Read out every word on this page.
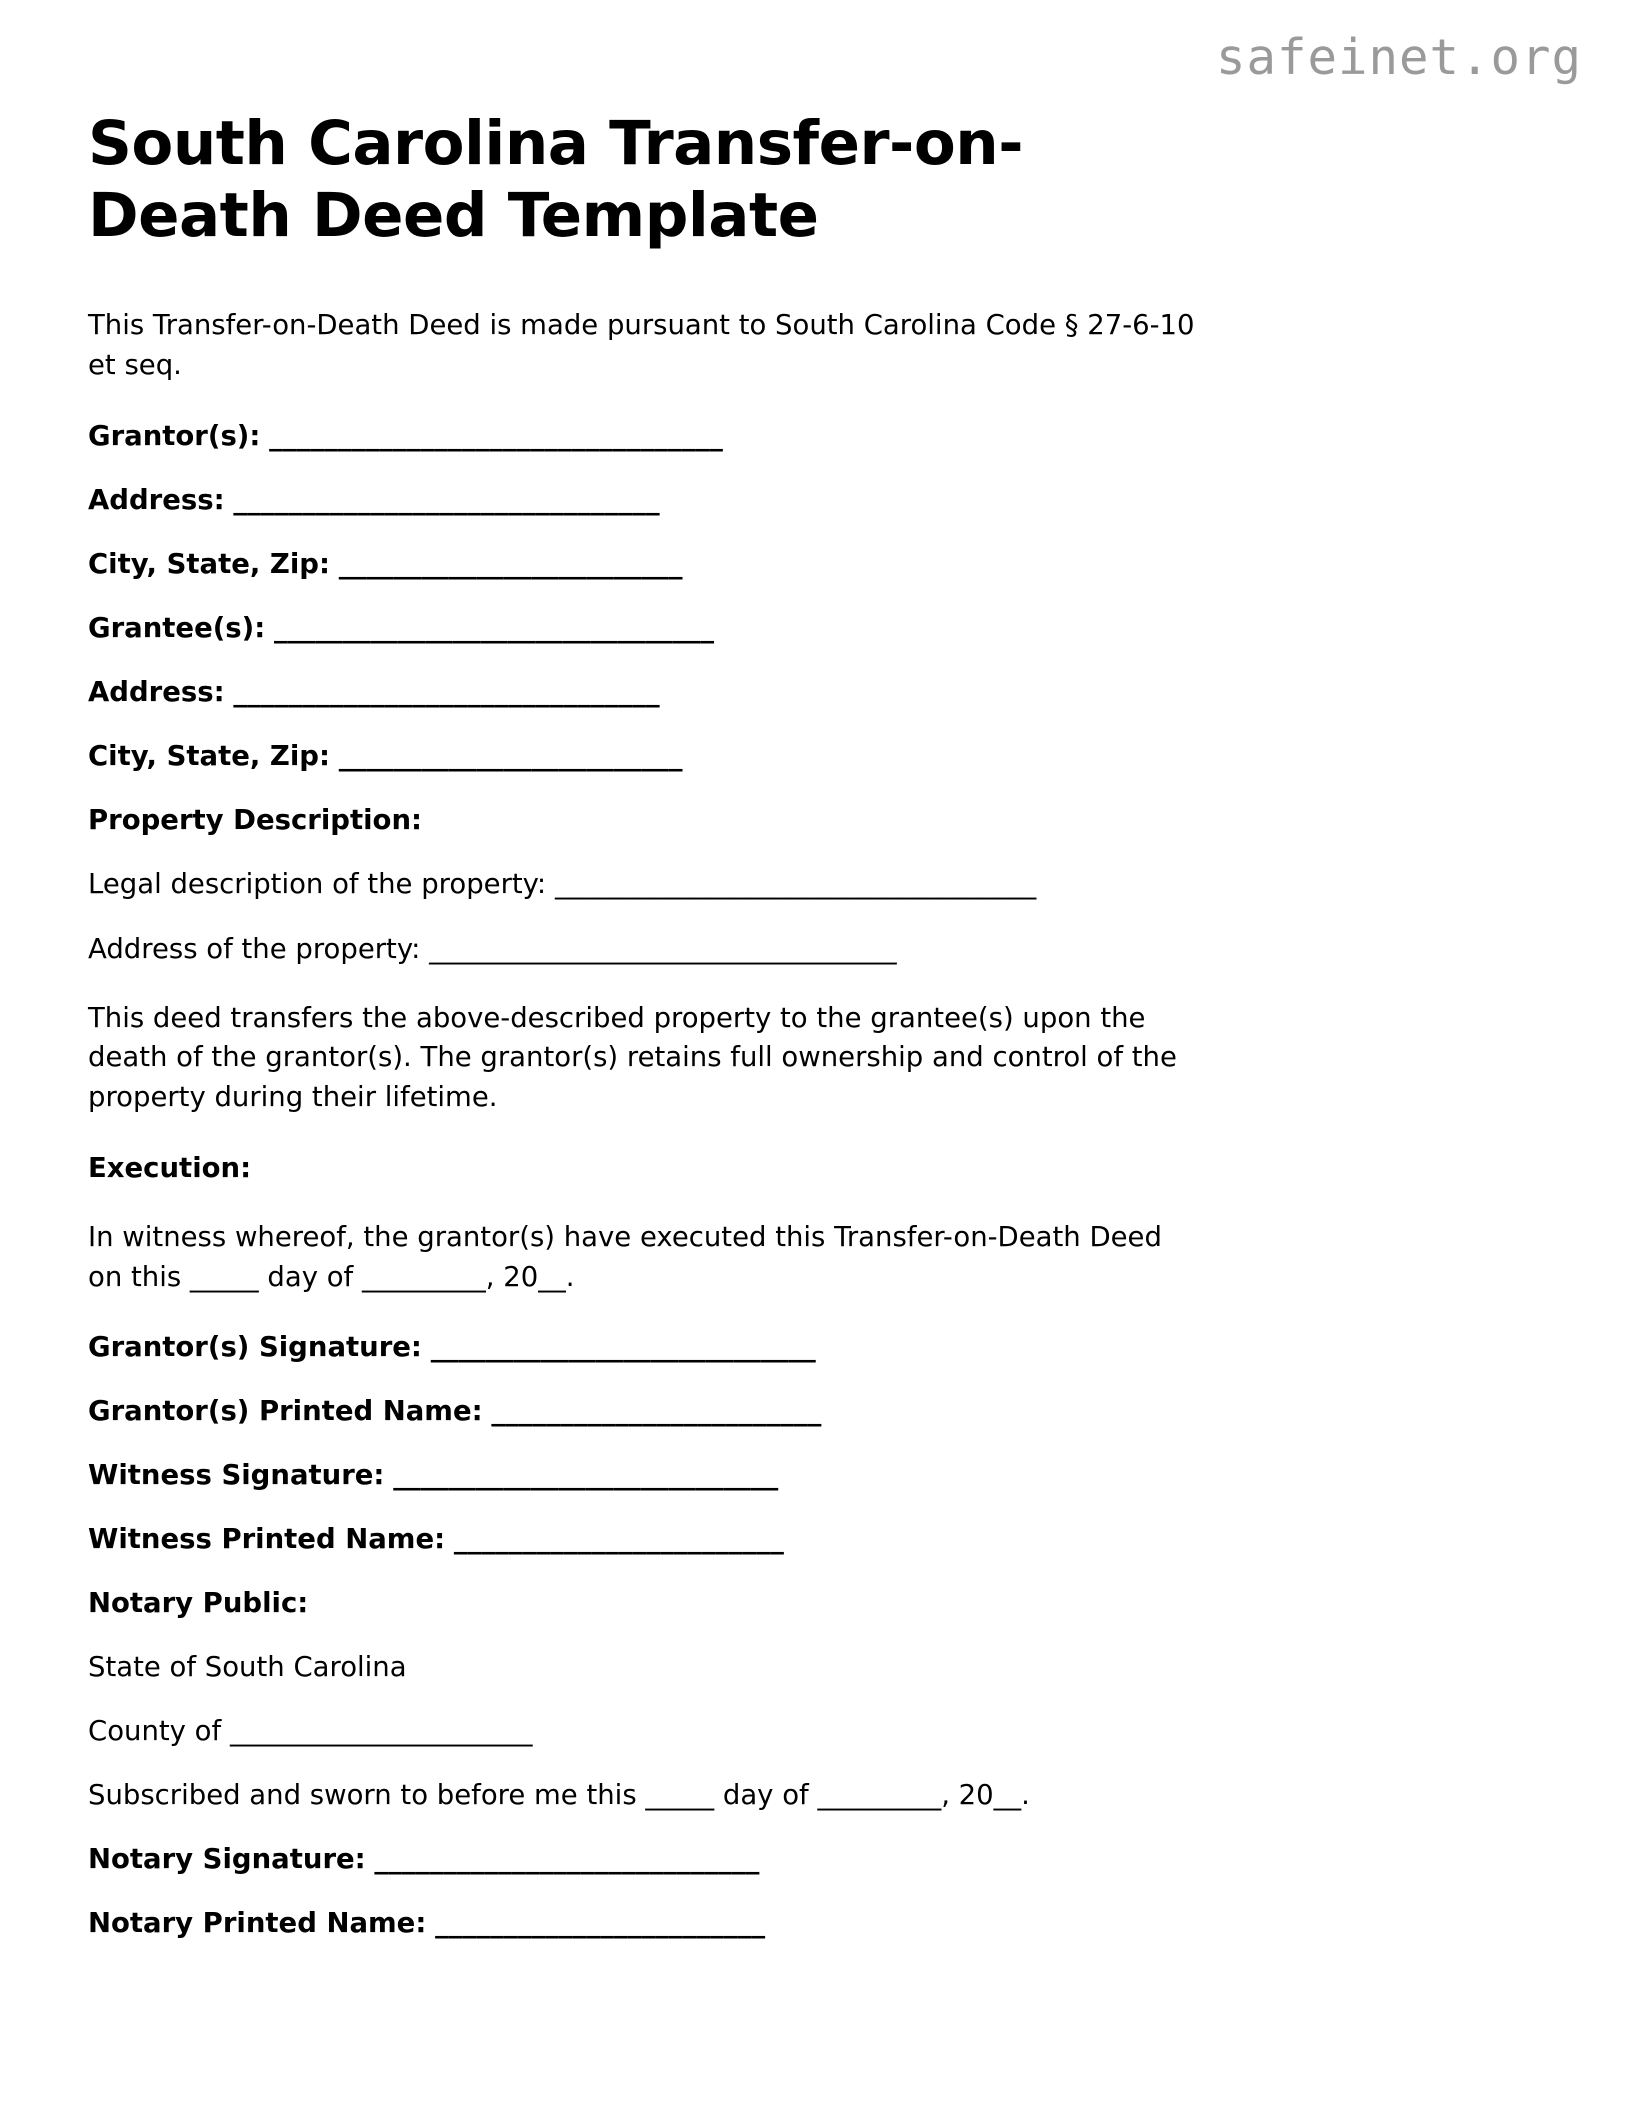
safeinet.org
South Carolina Transfer-on-Death Deed Template

This Transfer-on-Death Deed is made pursuant to South Carolina Code § 27-6-10 et seq.

Grantor(s): _________________________________
Address: _______________________________
City, State, Zip: _________________________
Grantee(s): ________________________________
Address: _______________________________
City, State, Zip: _________________________
Property Description:
Legal description of the property: ___________________________________
Address of the property: __________________________________

This deed transfers the above-described property to the grantee(s) upon the death of the grantor(s). The grantor(s) retains full ownership and control of the property during their lifetime.

Execution:

In witness whereof, the grantor(s) have executed this Transfer-on-Death Deed on this _____ day of _________, 20__.

Grantor(s) Signature: ____________________________
Grantor(s) Printed Name: ________________________
Witness Signature: ____________________________
Witness Printed Name: ________________________
Notary Public:
State of South Carolina
County of ______________________
Subscribed and sworn to before me this _____ day of _________, 20__.
Notary Signature: ____________________________
Notary Printed Name: ________________________
